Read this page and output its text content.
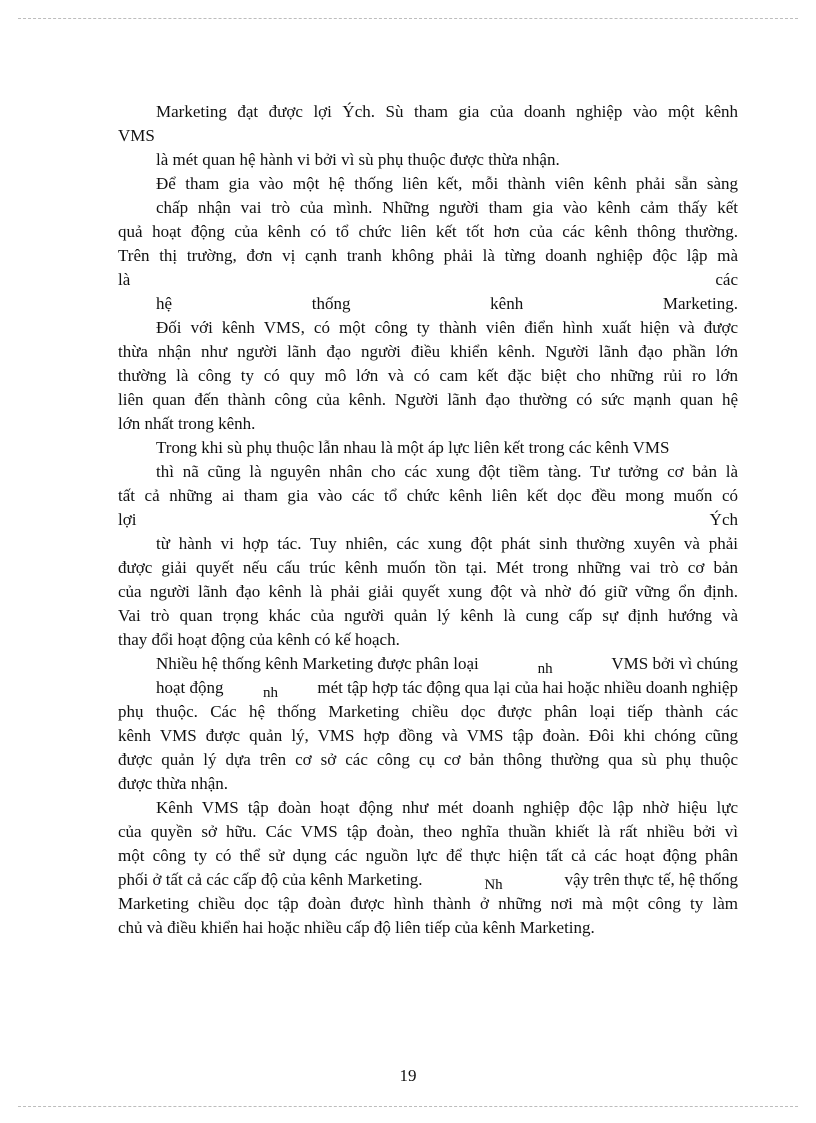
Marketing đạt được lợi Ých. Sù tham gia của doanh nghiệp vào một kênh

VMS

là mét quan hệ hành vi bởi vì sù phụ thuộc được thừa nhận.

Để tham gia vào một hệ thống liên kết, mỗi thành viên kênh phải sẵn sàng

chấp nhận vai trò của mình. Những người tham gia vào kênh cảm thấy kết

quả hoạt động của kênh có tổ chức liên kết tốt hơn của các kênh thông thường.

Trên thị trường, đơn vị cạnh tranh không phải là từng doanh nghiệp độc lập mà

là	các

hệ	thống	kênh	Marketing.

Đối với kênh VMS, có một công ty thành viên điển hình xuất hiện và được

thừa nhận như người lãnh đạo người điều khiển kênh. Người lãnh đạo phần lớn

thường là công ty có quy mô lớn và có cam kết đặc biệt cho những rủi ro lớn

liên quan đến thành công của kênh. Người lãnh đạo thường có sức mạnh quan hệ

lớn nhất trong kênh.

Trong khi sù phụ thuộc lẫn nhau là một áp lực liên kết trong các kênh VMS

thì nã cũng là nguyên nhân cho các xung đột tiềm tàng. Tư tưởng cơ bản là

tất cả những ai tham gia vào các tổ chức kênh liên kết dọc đều mong muốn có

lợi	Ých

từ hành vi hợp tác. Tuy nhiên, các xung đột phát sinh thường xuyên và phải

được giải quyết nếu cấu trúc kênh muốn tồn tại. Mét trong những vai trò cơ bản

của người lãnh đạo kênh là phải giải quyết xung đột và nhờ đó giữ vững ổn định.

Vai trò quan trọng khác của người quản lý kênh là cung cấp sự định hướng và

thay đổi hoạt động của kênh có kế hoạch.

Nhiều hệ thống kênh Marketing được phân loại	nh	VMS bởi vì chúng

hoạt động	nh mét tập hợp tác động qua lại của hai hoặc nhiều doanh nghiệp

phụ thuộc. Các hệ thống Marketing chiều dọc được phân loại tiếp thành các

kênh VMS được quản lý, VMS hợp đồng và VMS tập đoàn. Đôi khi chóng cũng

được quản lý dựa trên cơ sở các công cụ cơ bản thông thường qua sù phụ thuộc

được thừa nhận.

Kênh VMS tập đoàn hoạt động như mét doanh nghiệp độc lập nhờ hiệu lực

của quyền sở hữu. Các VMS tập đoàn, theo nghĩa thuần khiết là rất nhiều bởi vì

một công ty có thể sử dụng các nguồn lực để thực hiện tất cả các hoạt động phân

phối ở tất cả các cấp độ của kênh Marketing.	Nh	vậy trên thực tế, hệ thống

Marketing chiều dọc tập đoàn được hình thành ở những nơi mà một công ty làm

chủ và điều khiển hai hoặc nhiều cấp độ liên tiếp của kênh Marketing.

19
